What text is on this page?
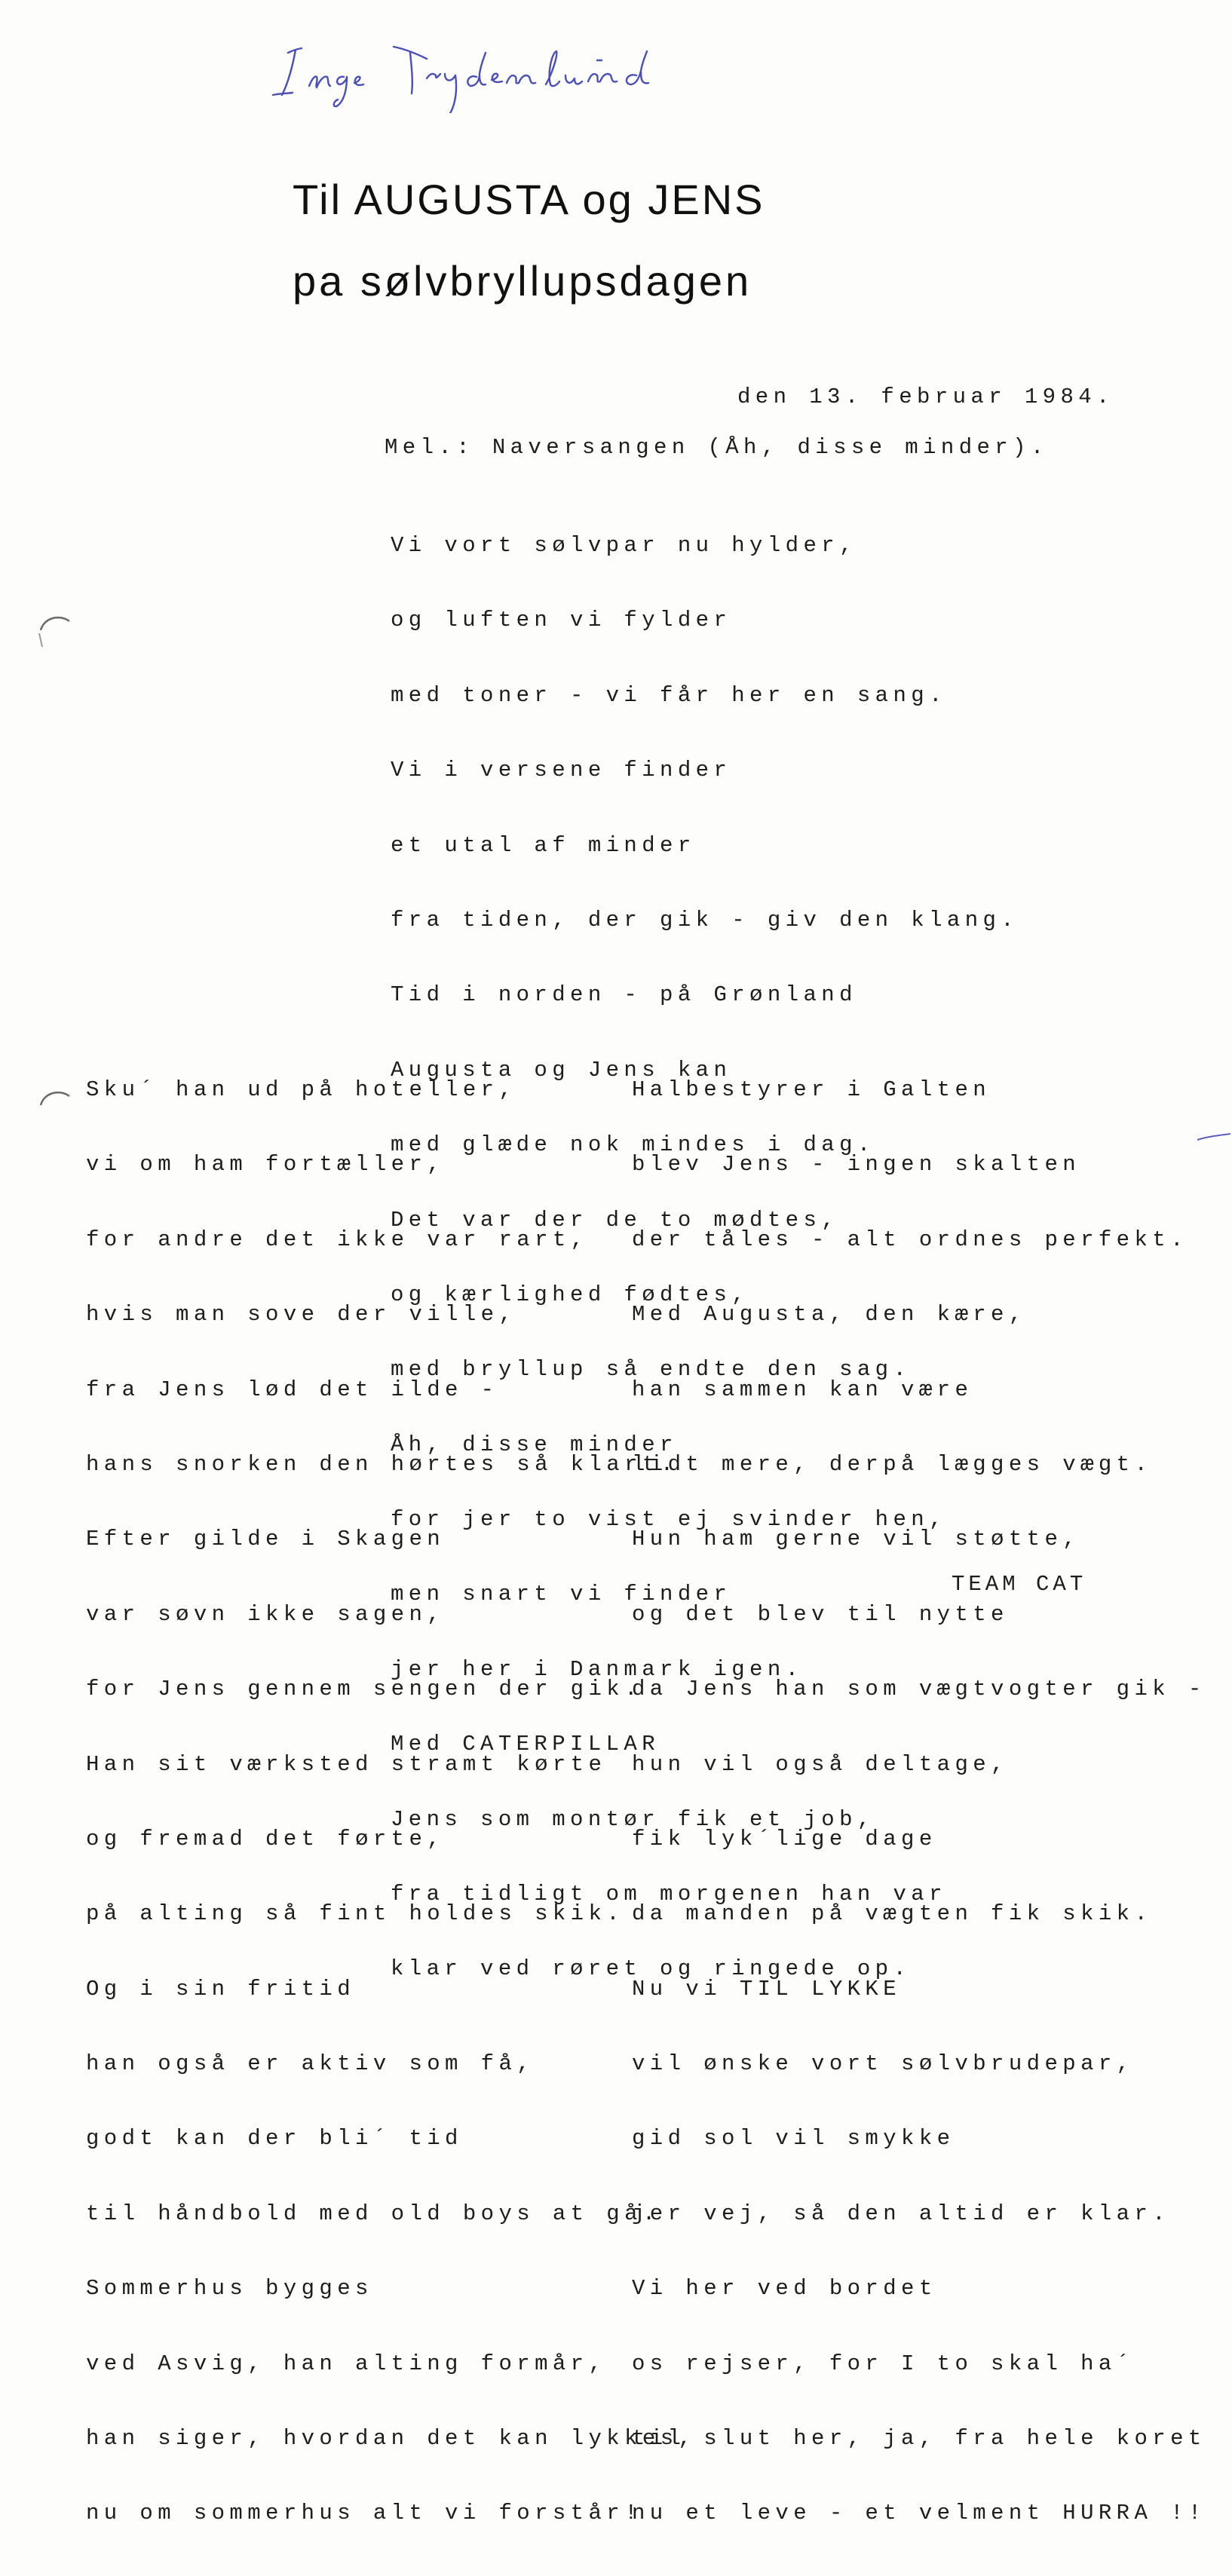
Til AUGUSTA og JENS
pa sølvbryllupsdagen
den 13. februar 1984.
Mel.: Naversangen (Åh, disse minder).

Vi vort sølvpar nu hylder,

og luften vi fylder

med toner - vi får her en sang.

Vi i versene finder

et utal af minder

fra tiden, der gik - giv den klang.

Tid i norden - på Grønland

Augusta og Jens kan

med glæde nok mindes i dag.

Det var der de to mødtes,

og kærlighed fødtes,

med bryllup så endte den sag.

Åh, disse minder

for jer to vist ej svinder hen,

men snart vi finder

jer her i Danmark igen.

Med CATERPILLAR

Jens som montør fik et job,

fra tidligt om morgenen han var

klar ved røret og ringede op.

Sku´ han ud på hoteller,

vi om ham fortæller,

for andre det ikke var rart,

hvis man sove der ville,

fra Jens lød det ilde -

hans snorken den hørtes så klart.

Efter gilde i Skagen

var søvn ikke sagen,

for Jens gennem sengen der gik.

Han sit værksted stramt kørte

og fremad det førte,

på alting så fint holdes skik.

Og i sin fritid

han også er aktiv som få,

godt kan der bli´ tid

til håndbold med old boys at gå.

Sommerhus bygges

ved Asvig, han alting formår,

han siger, hvordan det kan lykkes,

nu om sommerhus alt vi forstår!

Halbestyrer i Galten

blev Jens - ingen skalten

der tåles - alt ordnes perfekt.

Med Augusta, den kære,

han sammen kan være

lidt mere, derpå lægges vægt.

Hun ham gerne vil støtte,

og det blev til nytte

da Jens han som vægtvogter gik -

hun vil også deltage,

fik lyk´lige dage

da manden på vægten fik skik.

Nu vi TIL LYKKE

vil ønske vort sølvbrudepar,

gid sol vil smykke

jer vej, så den altid er klar.

Vi her ved bordet

os rejser, for I to skal ha´

til slut her, ja, fra hele koret

nu et leve - et velment HURRA !!

TEAM CAT
